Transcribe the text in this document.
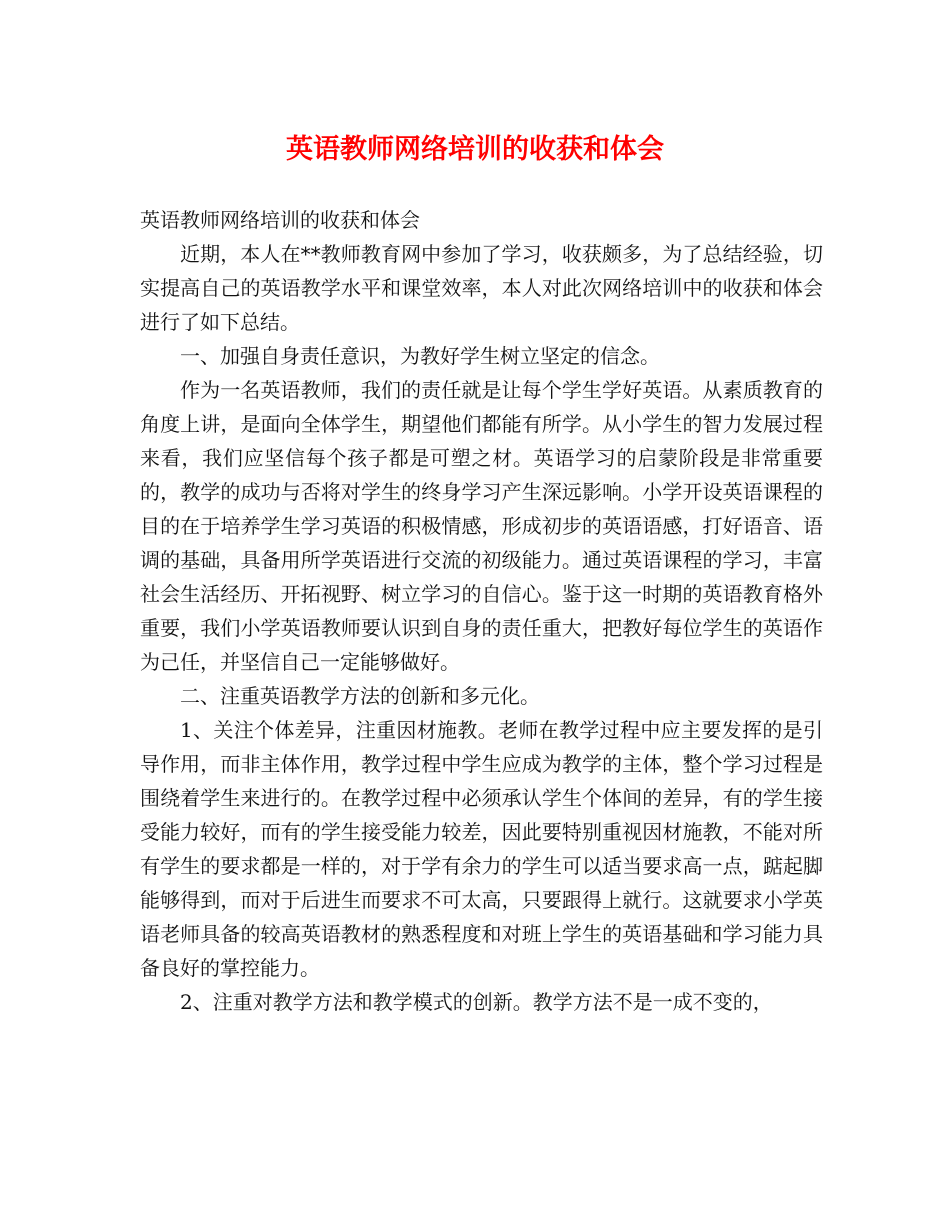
英语教师网络培训的收获和体会

英语教师网络培训的收获和体会

近期，本人在**教师教育网中参加了学习，收获颇多，为了总结经验，切实提高自己的英语教学水平和课堂效率，本人对此次网络培训中的收获和体会进行了如下总结。

一、加强自身责任意识，为教好学生树立坚定的信念。

作为一名英语教师，我们的责任就是让每个学生学好英语。从素质教育的角度上讲，是面向全体学生，期望他们都能有所学。从小学生的智力发展过程来看，我们应坚信每个孩子都是可塑之材。英语学习的启蒙阶段是非常重要的，教学的成功与否将对学生的终身学习产生深远影响。小学开设英语课程的目的在于培养学生学习英语的积极情感，形成初步的英语语感，打好语音、语调的基础，具备用所学英语进行交流的初级能力。通过英语课程的学习，丰富社会生活经历、开拓视野、树立学习的自信心。鉴于这一时期的英语教育格外重要，我们小学英语教师要认识到自身的责任重大，把教好每位学生的英语作为己任，并坚信自己一定能够做好。

二、注重英语教学方法的创新和多元化。

1、关注个体差异，注重因材施教。老师在教学过程中应主要发挥的是引导作用，而非主体作用，教学过程中学生应成为教学的主体，整个学习过程是围绕着学生来进行的。在教学过程中必须承认学生个体间的差异，有的学生接受能力较好，而有的学生接受能力较差，因此要特别重视因材施教，不能对所有学生的要求都是一样的，对于学有余力的学生可以适当要求高一点，踮起脚能够得到，而对于后进生而要求不可太高，只要跟得上就行。这就要求小学英语老师具备的较高英语教材的熟悉程度和对班上学生的英语基础和学习能力具备良好的掌控能力。

2、注重对教学方法和教学模式的创新。教学方法不是一成不变的，
